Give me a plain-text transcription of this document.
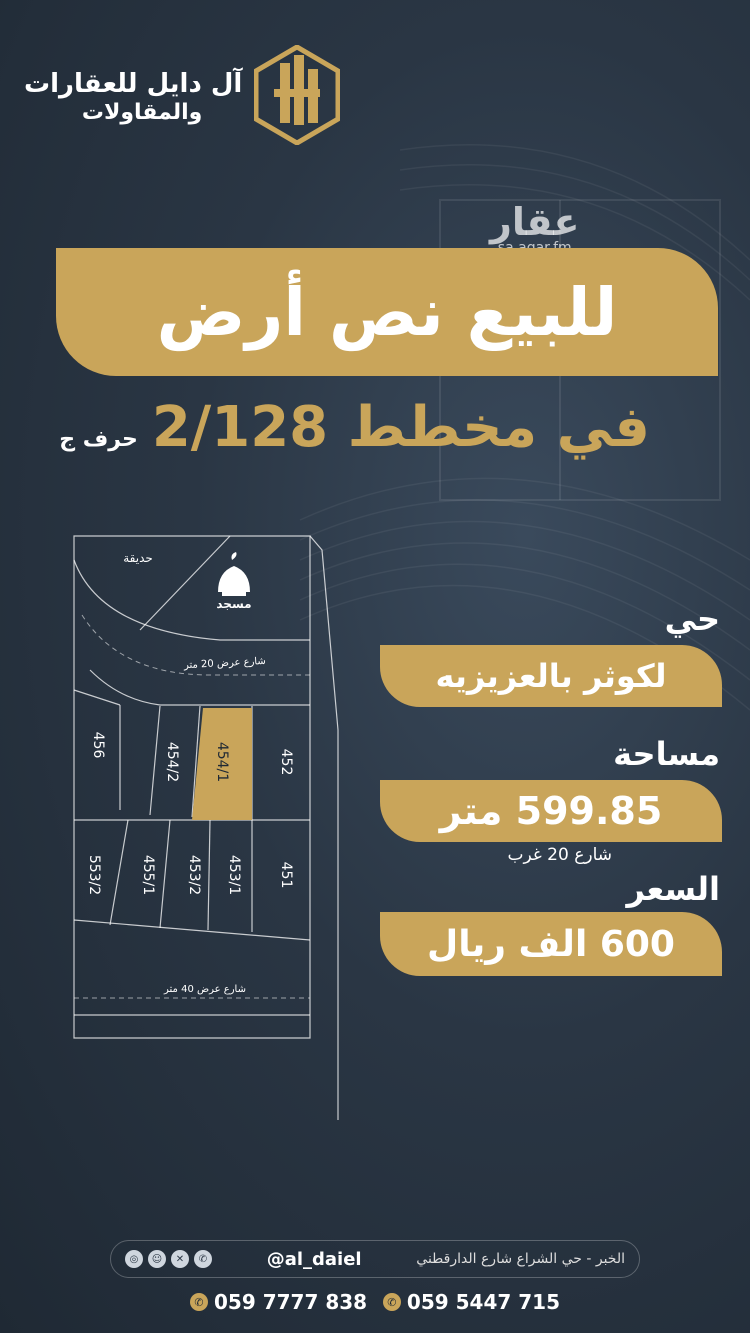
آل دايل للعقارات
والمقاولات
عقار
للبيع نص أرض
في مخطط 2/128
حرف ج
حديقة
مسجد
شارع عرض 20 متر
شارع عرض 40 متر
456	454/2 454/1	452
553/2	455/1 453/2 453/1	451
حي
لكوثر بالعزيزيه
مساحة
599.85 متر
شارع 20 غرب
السعر
600 الف ريال
◎	☺	✕	✆	@al_daiel	الخبر - حي الشراع شارع الدارقطني
✆ 059 7777 838	✆ 059 5447 715
